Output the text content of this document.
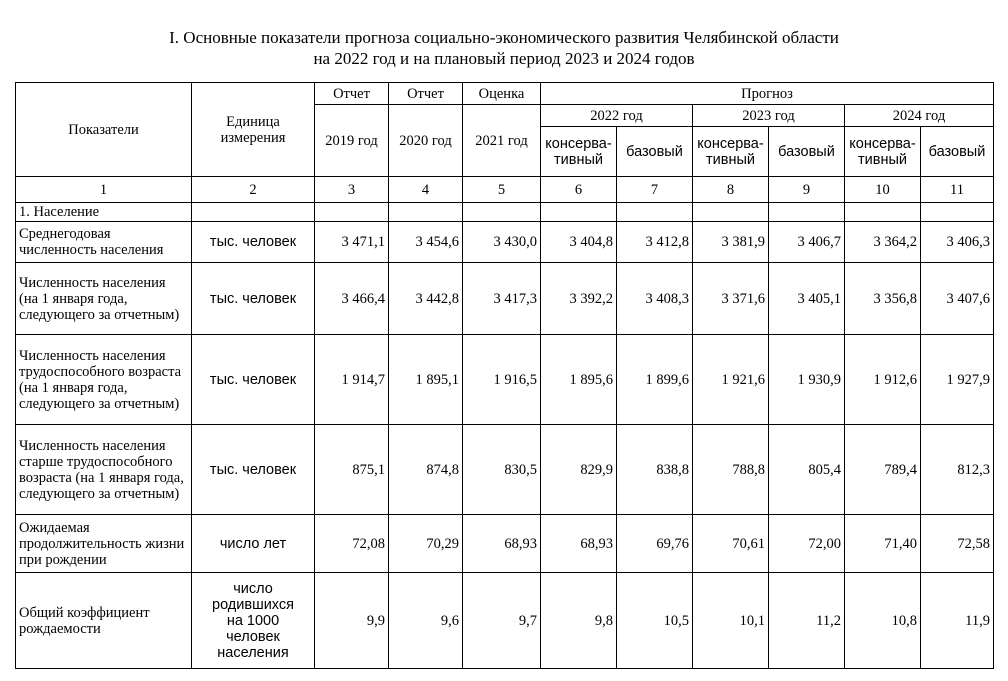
I. Основные показатели прогноза социально-экономического развития Челябинской области
на 2022 год и на плановый период 2023 и 2024 годов
Показатели	Единица измерения	Отчет	Отчет	Оценка	Прогноз					
		2019 год	2020 год	2021 год	2022 год		2023 год		2024 год	
					консерва-тивный	базовый	консерва-тивный	базовый	консерва-тивный	базовый
1	2	3	4	5	6	7	8	9	10	11
1. Население										
Среднегодовая численность населения	тыс. человек	3 471,1	3 454,6	3 430,0	3 404,8	3 412,8	3 381,9	3 406,7	3 364,2	3 406,3
Численность населения (на 1 января года, следующего за отчетным)	тыс. человек	3 466,4	3 442,8	3 417,3	3 392,2	3 408,3	3 371,6	3 405,1	3 356,8	3 407,6
Численность населения трудоспособного возраста (на 1 января года, следующего за отчетным)	тыс. человек	1 914,7	1 895,1	1 916,5	1 895,6	1 899,6	1 921,6	1 930,9	1 912,6	1 927,9
Численность населения старше трудоспособного возраста (на 1 января года, следующего за отчетным)	тыс. человек	875,1	874,8	830,5	829,9	838,8	788,8	805,4	789,4	812,3
Ожидаемая продолжительность жизни при рождении	число лет	72,08	70,29	68,93	68,93	69,76	70,61	72,00	71,40	72,58
Общий коэффициент рождаемости	число родившихся на 1000 человек населения	9,9	9,6	9,7	9,8	10,5	10,1	11,2	10,8	11,9
